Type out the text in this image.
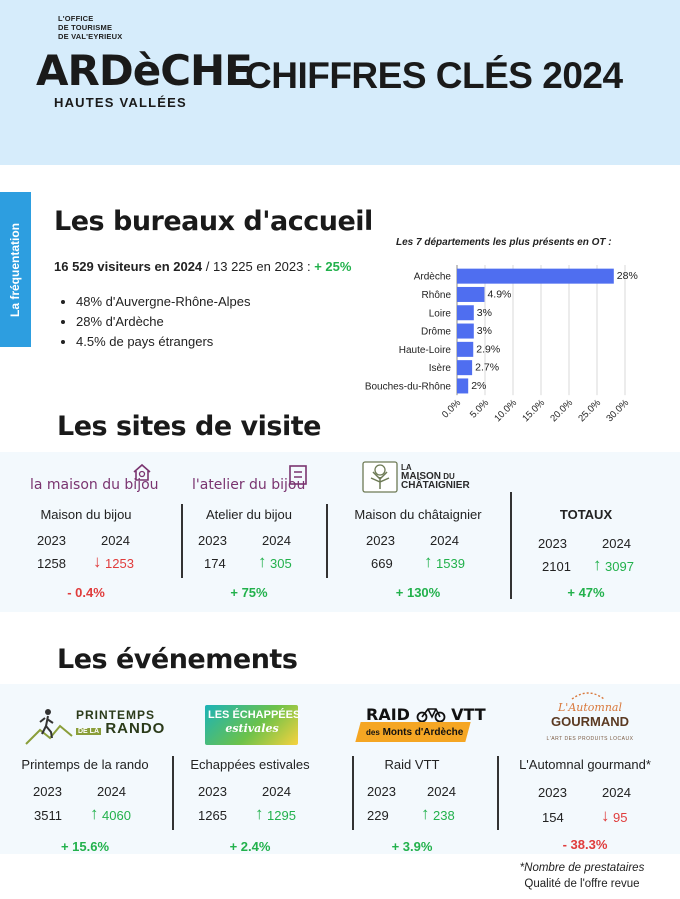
L'OFFICE
DE TOURISME
DE VAL'EYRIEUX
ARDèCHE
HAUTES VALLÉES
CHIFFRES CLÉS 2024
La fréquentation
Les bureaux d'accueil
16 529 visiteurs en 2024 / 13 225 en 2023 : + 25%
• 48% d'Auvergne-Rhône-Alpes
• 28% d'Ardèche
• 4.5% de pays étrangers
Les 7 départements les plus présents en OT :
0.0% 5.0% 10.0% 15.0% 20.0% 25.0% 30.0%
Ardèche	28%
Rhône	4.9%
Loire 3%
Drôme 3%
Haute-Loire 2.9%
Isère 2.7%
Bouches-du-Rhône 2%
Les sites de visite
la maison du bijou l'atelier du bijou
LA
MAISON DU
CHÂTAIGNIER
Maison du bijou
2023	2024
1258 ↓ 1253
- 0.4%
Atelier du bijou
2023	2024
174 ↑ 305
+ 75%
Maison du châtaignier
2023	2024
669 ↑ 1539
+ 130%
TOTAUX
2023	2024
2101 ↑ 3097
+ 47%
Les événements
PRINTEMPS
DE LA RANDO
LES ÉCHAPPÉES
estivales
RAID	VTT
des Monts d'Ardèche
L'Automnal
GOURMAND
L'ART DES PRODUITS LOCAUX
Printemps de la rando
2023	2024
3511 ↑ 4060
+ 15.6%
Echappées estivales
2023	2024
1265 ↑ 1295
+ 2.4%
Raid VTT
2023 2024
229 ↑ 238
+ 3.9%
L'Automnal gourmand*
2023	2024
154 ↓ 95
- 38.3%
*Nombre de prestataires
Qualité de l'offre revue
